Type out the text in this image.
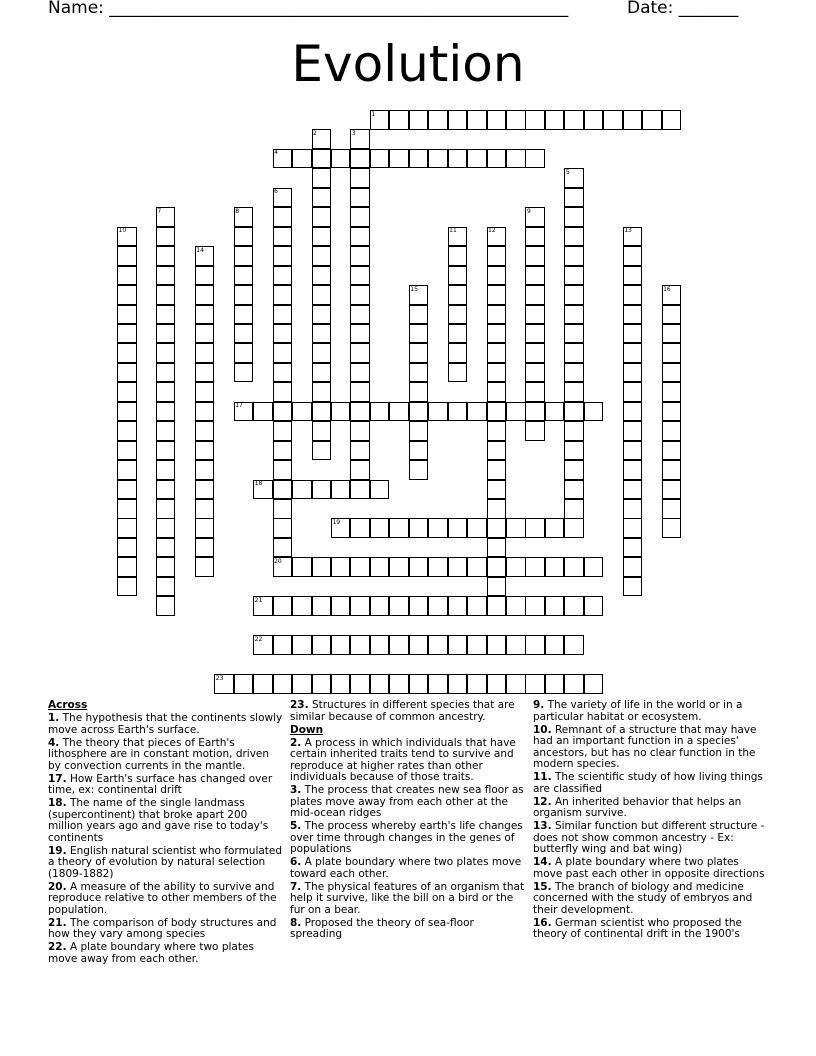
Name: ______________________________________________________	Date: _______
Evolution
1
2	3
4
5
6
7	8	9
10	11	12	13
14
15	16
17
18
19
20
21
22
23

Across

1. The hypothesis that the continents slowly move across Earth's surface.

4. The theory that pieces of Earth's lithosphere are in constant motion, driven by convection currents in the mantle.

17. How Earth's surface has changed over time, ex: continental drift

18. The name of the single landmass (supercontinent) that broke apart 200 million years ago and gave rise to today's continents

19. English natural scientist who formulated a theory of evolution by natural selection (1809-1882)

20. A measure of the ability to survive and reproduce relative to other members of the population.

21. The comparison of body structures and how they vary among species

22. A plate boundary where two plates move away from each other.

23. Structures in different species that are similar because of common ancestry.

Down

2. A process in which individuals that have certain inherited traits tend to survive and reproduce at higher rates than other individuals because of those traits.

3. The process that creates new sea floor as plates move away from each other at the mid-ocean ridges

5. The process whereby earth's life changes over time through changes in the genes of populations

6. A plate boundary where two plates move toward each other.

7. The physical features of an organism that help it survive, like the bill on a bird or the fur on a bear.

8. Proposed the theory of sea-floor spreading

9. The variety of life in the world or in a particular habitat or ecosystem.

10. Remnant of a structure that may have had an important function in a species' ancestors, but has no clear function in the modern species.

11. The scientific study of how living things are classified

12. An inherited behavior that helps an organism survive.

13. Similar function but different structure - does not show common ancestry - Ex: butterfly wing and bat wing)

14. A plate boundary where two plates move past each other in opposite directions

15. The branch of biology and medicine concerned with the study of embryos and their development.

16. German scientist who proposed the theory of continental drift in the 1900's
